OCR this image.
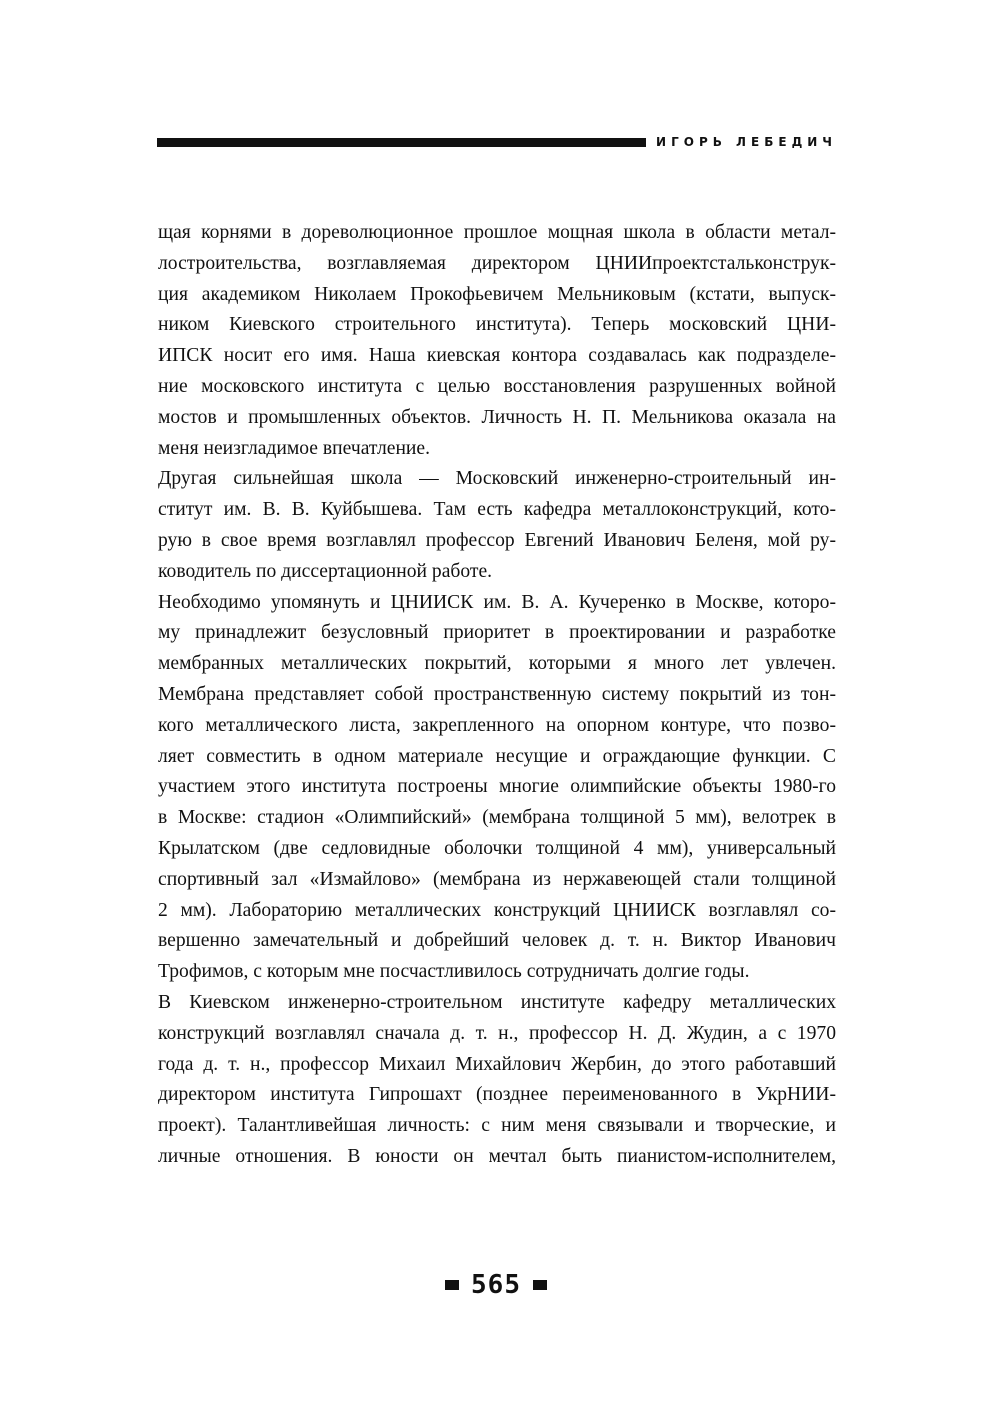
ИГОРЬ ЛЕБЕДИЧ

щая корнями в дореволюционное прошлое мощная школа в области метал-
лостроительства, возглавляемая директором ЦНИИпроектстальконструк-
ция академиком Николаем Прокофьевичем Мельниковым (кстати, выпуск-
ником Киевского строительного института). Теперь московский ЦНИ-
ИПСК носит его имя. Наша киевская контора создавалась как подразделе-
ние московского института с целью восстановления разрушенных войной
мостов и промышленных объектов. Личность Н. П. Мельникова оказала на

меня неизгладимое впечатление.

Другая сильнейшая школа — Московский инженерно-строительный ин-
ститут им. В. В. Куйбышева. Там есть кафедра металлоконструкций, кото-
рую в свое время возглавлял профессор Евгений Иванович Беленя, мой ру-

ководитель по диссертационной работе.

Необходимо упомянуть и ЦНИИСК им. В. А. Кучеренко в Москве, которо-
му принадлежит безусловный приоритет в проектировании и разработке
мембранных металлических покрытий, которыми я много лет увлечен.
Мембрана представляет собой пространственную систему покрытий из тон-
кого металлического листа, закрепленного на опорном контуре, что позво-
ляет совместить в одном материале несущие и ограждающие функции. С
участием этого института построены многие олимпийские объекты 1980-го
в Москве: стадион «Олимпийский» (мембрана толщиной 5 мм), велотрек в
Крылатском (две седловидные оболочки толщиной 4 мм), универсальный
спортивный зал «Измайлово» (мембрана из нержавеющей стали толщиной
2 мм). Лабораторию металлических конструкций ЦНИИСК возглавлял со-
вершенно замечательный и добрейший человек д. т. н. Виктор Иванович

Трофимов, с которым мне посчастливилось сотрудничать долгие годы.

В Киевском инженерно-строительном институте кафедру металлических
конструкций возглавлял сначала д. т. н., профессор Н. Д. Жудин, а с 1970
года д. т. н., профессор Михаил Михайлович Жербин, до этого работавший
директором института Гипрошахт (позднее переименованного в УкрНИИ-
проект). Талантливейшая личность: с ним меня связывали и творческие, и
личные отношения. В юности он мечтал быть пианистом-исполнителем,

565
